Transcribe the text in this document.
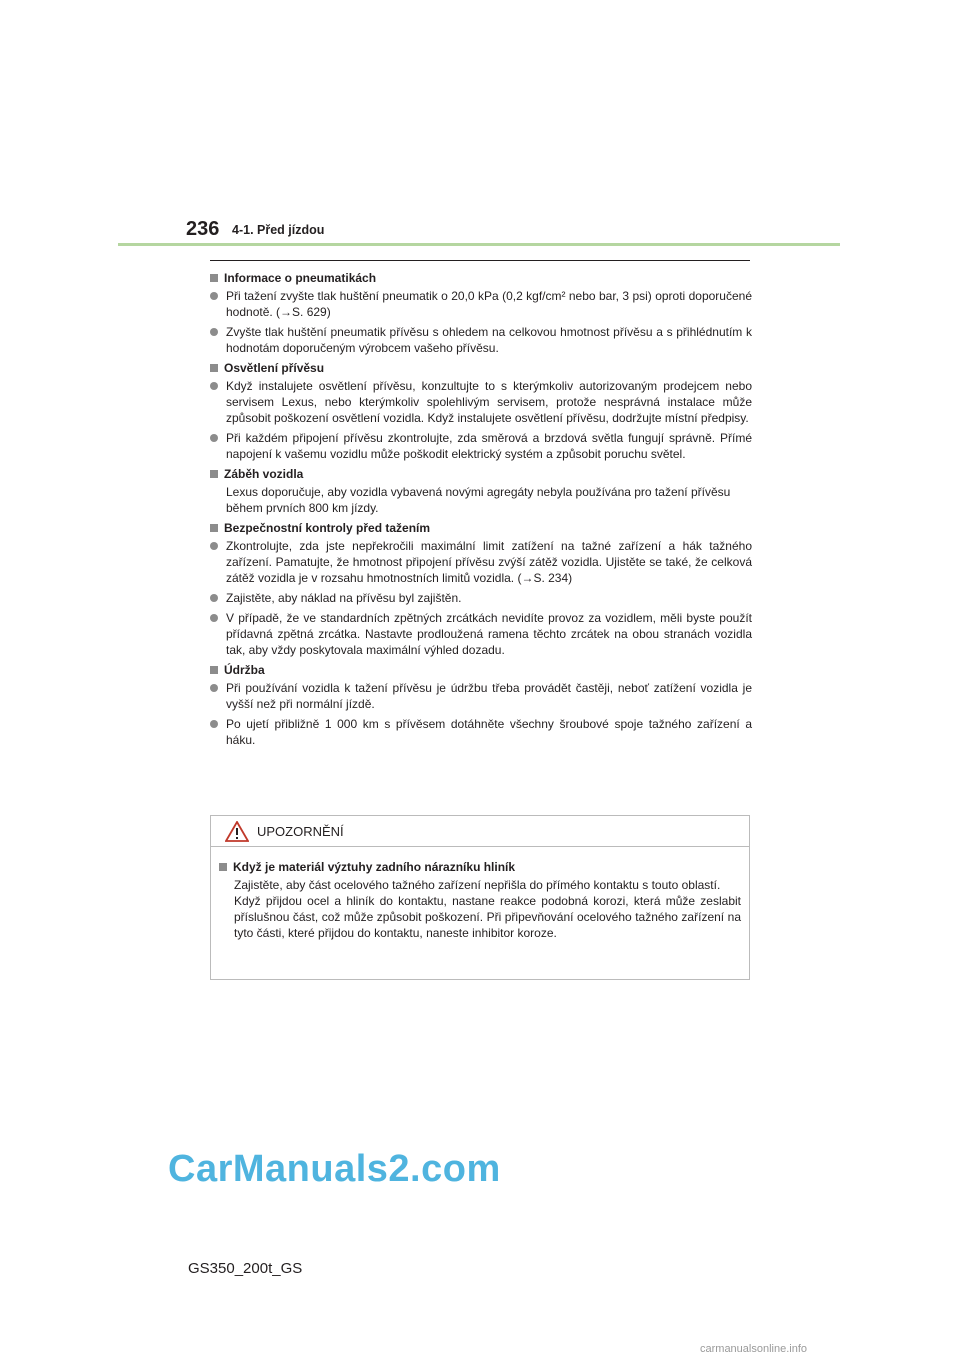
236 4-1. Před jízdou
Informace o pneumatikách
Při tažení zvyšte tlak huštění pneumatik o 20,0 kPa (0,2 kgf/cm² nebo bar, 3 psi) oproti doporučené hodnotě. (→S. 629)
Zvyšte tlak huštění pneumatik přívěsu s ohledem na celkovou hmotnost přívěsu a s přihlédnutím k hodnotám doporučeným výrobcem vašeho přívěsu.
Osvětlení přívěsu
Když instalujete osvětlení přívěsu, konzultujte to s kterýmkoliv autorizovaným prodejcem nebo servisem Lexus, nebo kterýmkoliv spolehlivým servisem, protože nesprávná instalace může způsobit poškození osvětlení vozidla. Když instalujete osvětlení přívěsu, dodržujte místní předpisy.
Při každém připojení přívěsu zkontrolujte, zda směrová a brzdová světla fungují správně. Přímé napojení k vašemu vozidlu může poškodit elektrický systém a způsobit poruchu světel.
Záběh vozidla
Lexus doporučuje, aby vozidla vybavená novými agregáty nebyla používána pro tažení přívěsu během prvních 800 km jízdy.
Bezpečnostní kontroly před tažením
Zkontrolujte, zda jste nepřekročili maximální limit zatížení na tažné zařízení a hák tažného zařízení. Pamatujte, že hmotnost připojení přívěsu zvýší zátěž vozidla. Ujistěte se také, že celková zátěž vozidla je v rozsahu hmotnostních limitů vozidla. (→S. 234)
Zajistěte, aby náklad na přívěsu byl zajištěn.
V případě, že ve standardních zpětných zrcátkách nevidíte provoz za vozidlem, měli byste použít přídavná zpětná zrcátka. Nastavte prodloužená ramena těchto zrcátek na obou stranách vozidla tak, aby vždy poskytovala maximální výhled dozadu.
Údržba
Při používání vozidla k tažení přívěsu je údržbu třeba provádět častěji, neboť zatížení vozidla je vyšší než při normální jízdě.
Po ujetí přibližně 1 000 km s přívěsem dotáhněte všechny šroubové spoje tažného zařízení a háku.
UPOZORNĚNÍ
Když je materiál výztuhy zadního nárazníku hliník
Zajistěte, aby část ocelového tažného zařízení nepřišla do přímého kontaktu s touto oblastí.
Když přijdou ocel a hliník do kontaktu, nastane reakce podobná korozi, která může zeslabit příslušnou část, což může způsobit poškození. Při připevňování ocelového tažného zařízení na tyto části, které přijdou do kontaktu, naneste inhibitor koroze.
CarManuals2.com
GS350_200t_GS
carmanualsonline.info
